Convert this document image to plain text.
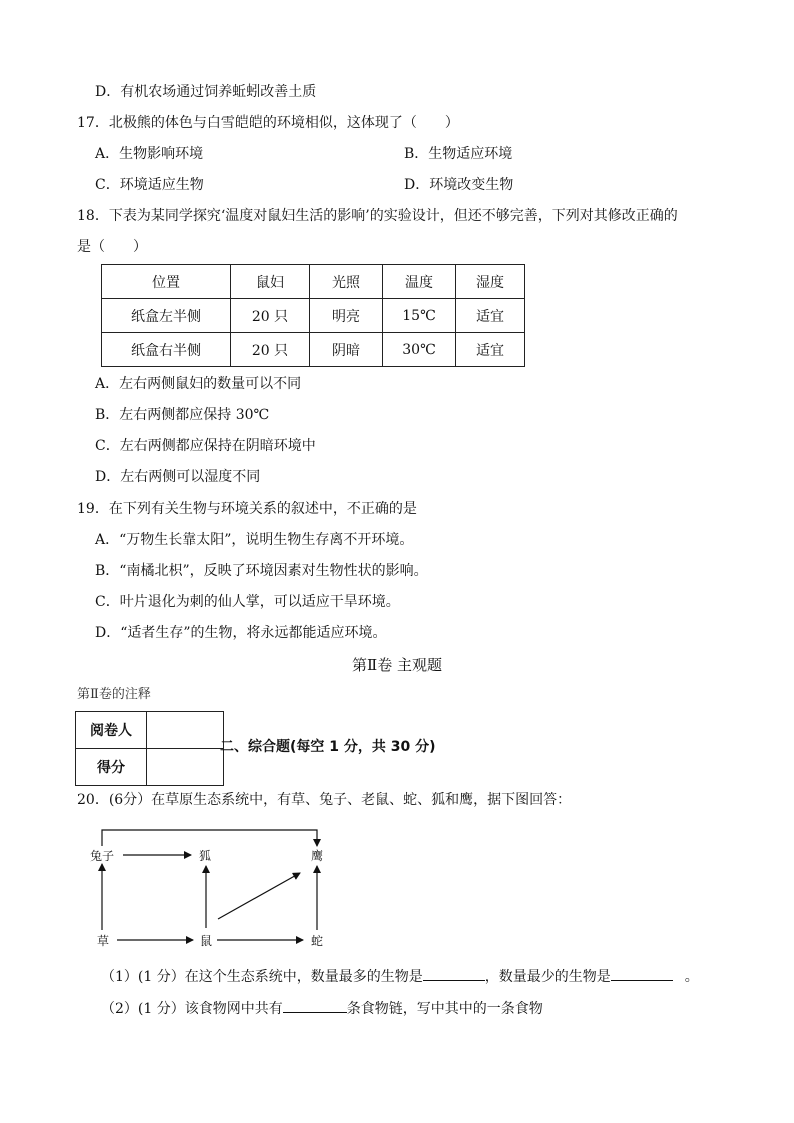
D．有机农场通过饲养蚯蚓改善土质
17．北极熊的体色与白雪皑皑的环境相似，这体现了（　　）
A．生物影响环境	B．生物适应环境
C．环境适应生物	D．环境改变生物
18．下表为某同学探究‘温度对鼠妇生活的影响’的实验设计，但还不够完善，下列对其修改正确的
是（　　）
位置	鼠妇	光照	温度	湿度
纸盒左半侧	20 只	明亮	15℃	适宜
纸盒右半侧	20 只	阴暗	30℃	适宜
A．左右两侧鼠妇的数量可以不同
B．左右两侧都应保持 30℃
C．左右两侧都应保持在阴暗环境中
D．左右两侧可以湿度不同
19．在下列有关生物与环境关系的叙述中，不正确的是
A．“万物生长靠太阳”，说明生物生存离不开环境。
B．“南橘北枳”，反映了环境因素对生物性状的影响。
C．叶片退化为刺的仙人掌，可以适应干旱环境。
D．“适者生存”的生物，将永远都能适应环境。
第Ⅱ卷 主观题
第Ⅱ卷的注释
阅卷人	
得分	
二、综合题(每空 1 分，共 30 分)
20．(6分）在草原生态系统中，有草、兔子、老鼠、蛇、狐和鹰，据下图回答：
兔子	狐	鹰
草	鼠	蛇
（1）(1 分）在这个生态系统中，数量最多的生物是	，数量最少的生物是	。
（2）(1 分）该食物网中共有	条食物链，写中其中的一条食物
